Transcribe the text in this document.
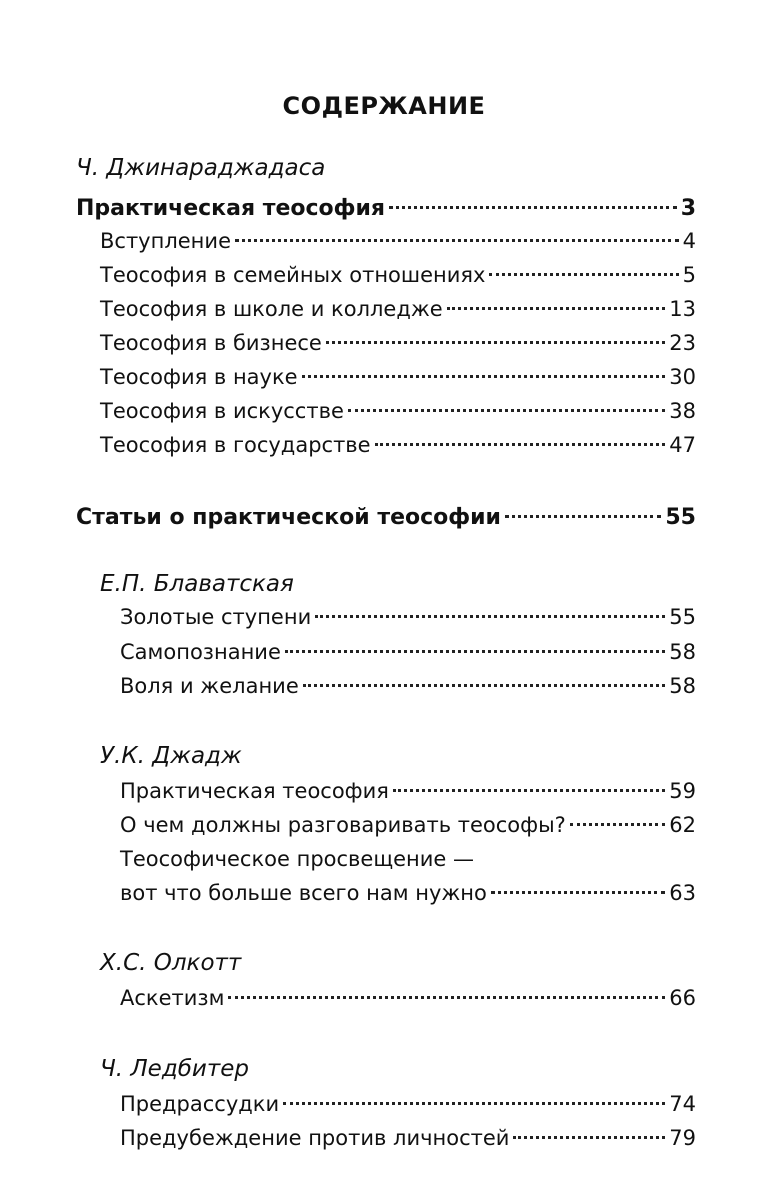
СОДЕРЖАНИЕ
Ч. Джинараджадаса
Практическая теософия	3
Вступление	4
Теософия в семейных отношениях	5
Теософия в школе и колледже	13
Теософия в бизнесе	23
Теософия в науке	30
Теософия в искусстве	38
Теософия в государстве	47
Статьи о практической теософии	55
Е.П. Блаватская
Золотые ступени	55
Самопознание	58
Воля и желание	58
У.К. Джадж
Практическая теософия	59
О чем должны разговаривать теософы?	62
Теософическое просвещение —
вот что больше всего нам нужно	63
Х.С. Олкотт
Аскетизм	66
Ч. Ледбитер
Предрассудки	74
Предубеждение против личностей	79
